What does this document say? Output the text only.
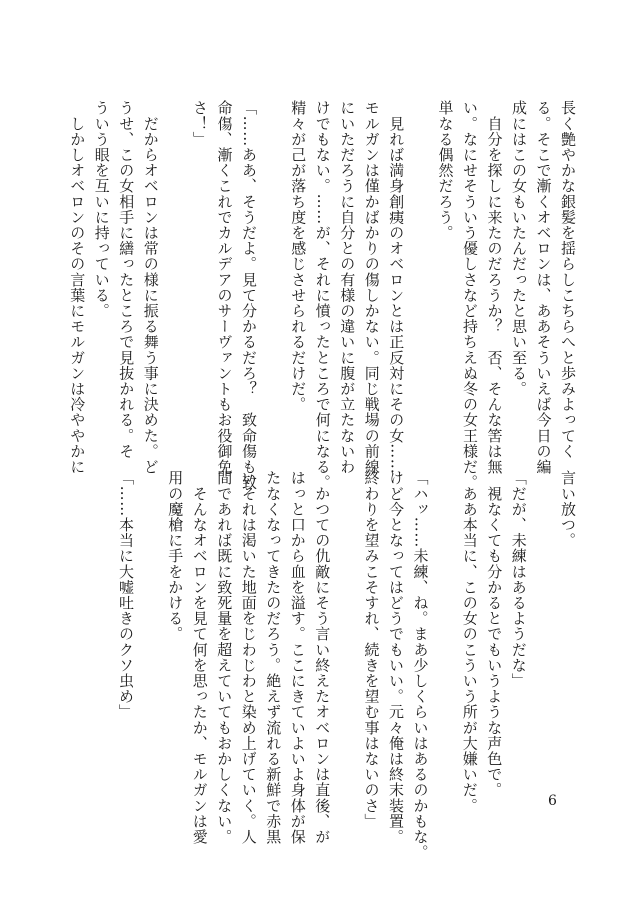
長く艶やかな銀髪を揺らしこちらへと歩みよってく

る。そこで漸くオベロンは、ああそういえば今日の編

成にはこの女もいたんだったと思い至る。

　自分を探しに来たのだろうか？　否、そんな筈は無

い。なにせそういう優しさなど持ちえぬ冬の女王様だ。

単なる偶然だろう。

　見れば満身創痍のオベロンとは正反対にその女……

モルガンは僅かばかりの傷しかない。同じ戦場の前線

にいただろうに自分との有様の違いに腹が立たないわ

けでもない。……が、それに憤ったところで何になる。

精々が己が落ち度を感じさせられるだけだ。

「……ああ、そうだよ。見て分かるだろ？　致命傷も致

命傷、漸くこれでカルデアのサーヴァントもお役御免

さ！」

　だからオベロンは常の様に振る舞う事に決めた。ど

うせ、この女相手に繕ったところで見抜かれる。そ

ういう眼を互いに持っている。

　しかしオベロンのその言葉にモルガンは冷ややかに

言い放つ。

「だが、未練はあるようだな」

　視なくても分かるとでもいうような声色で。

　ああ本当に、この女のこういう所が大嫌いだ。

「ハッ……未練、ね。まあ少しくらいはあるのかもな。

けど今となってはどうでもいい。元々俺は終末装置。

終わりを望みこそすれ、続きを望む事はないのさ」

　かつての仇敵にそう言い終えたオベロンは直後、が

はっと口から血を溢す。ここにきていよいよ身体が保

たなくなってきたのだろう。絶えず流れる新鮮で赤黒

いそれは渇いた地面をじわじわと染め上げていく。人

間であれば既に致死量を超えていてもおかしくない。

　そんなオベロンを見て何を思ったか、モルガンは愛

用の魔槍に手をかける。

「……本当に大嘘吐きのクソ虫め」

6
